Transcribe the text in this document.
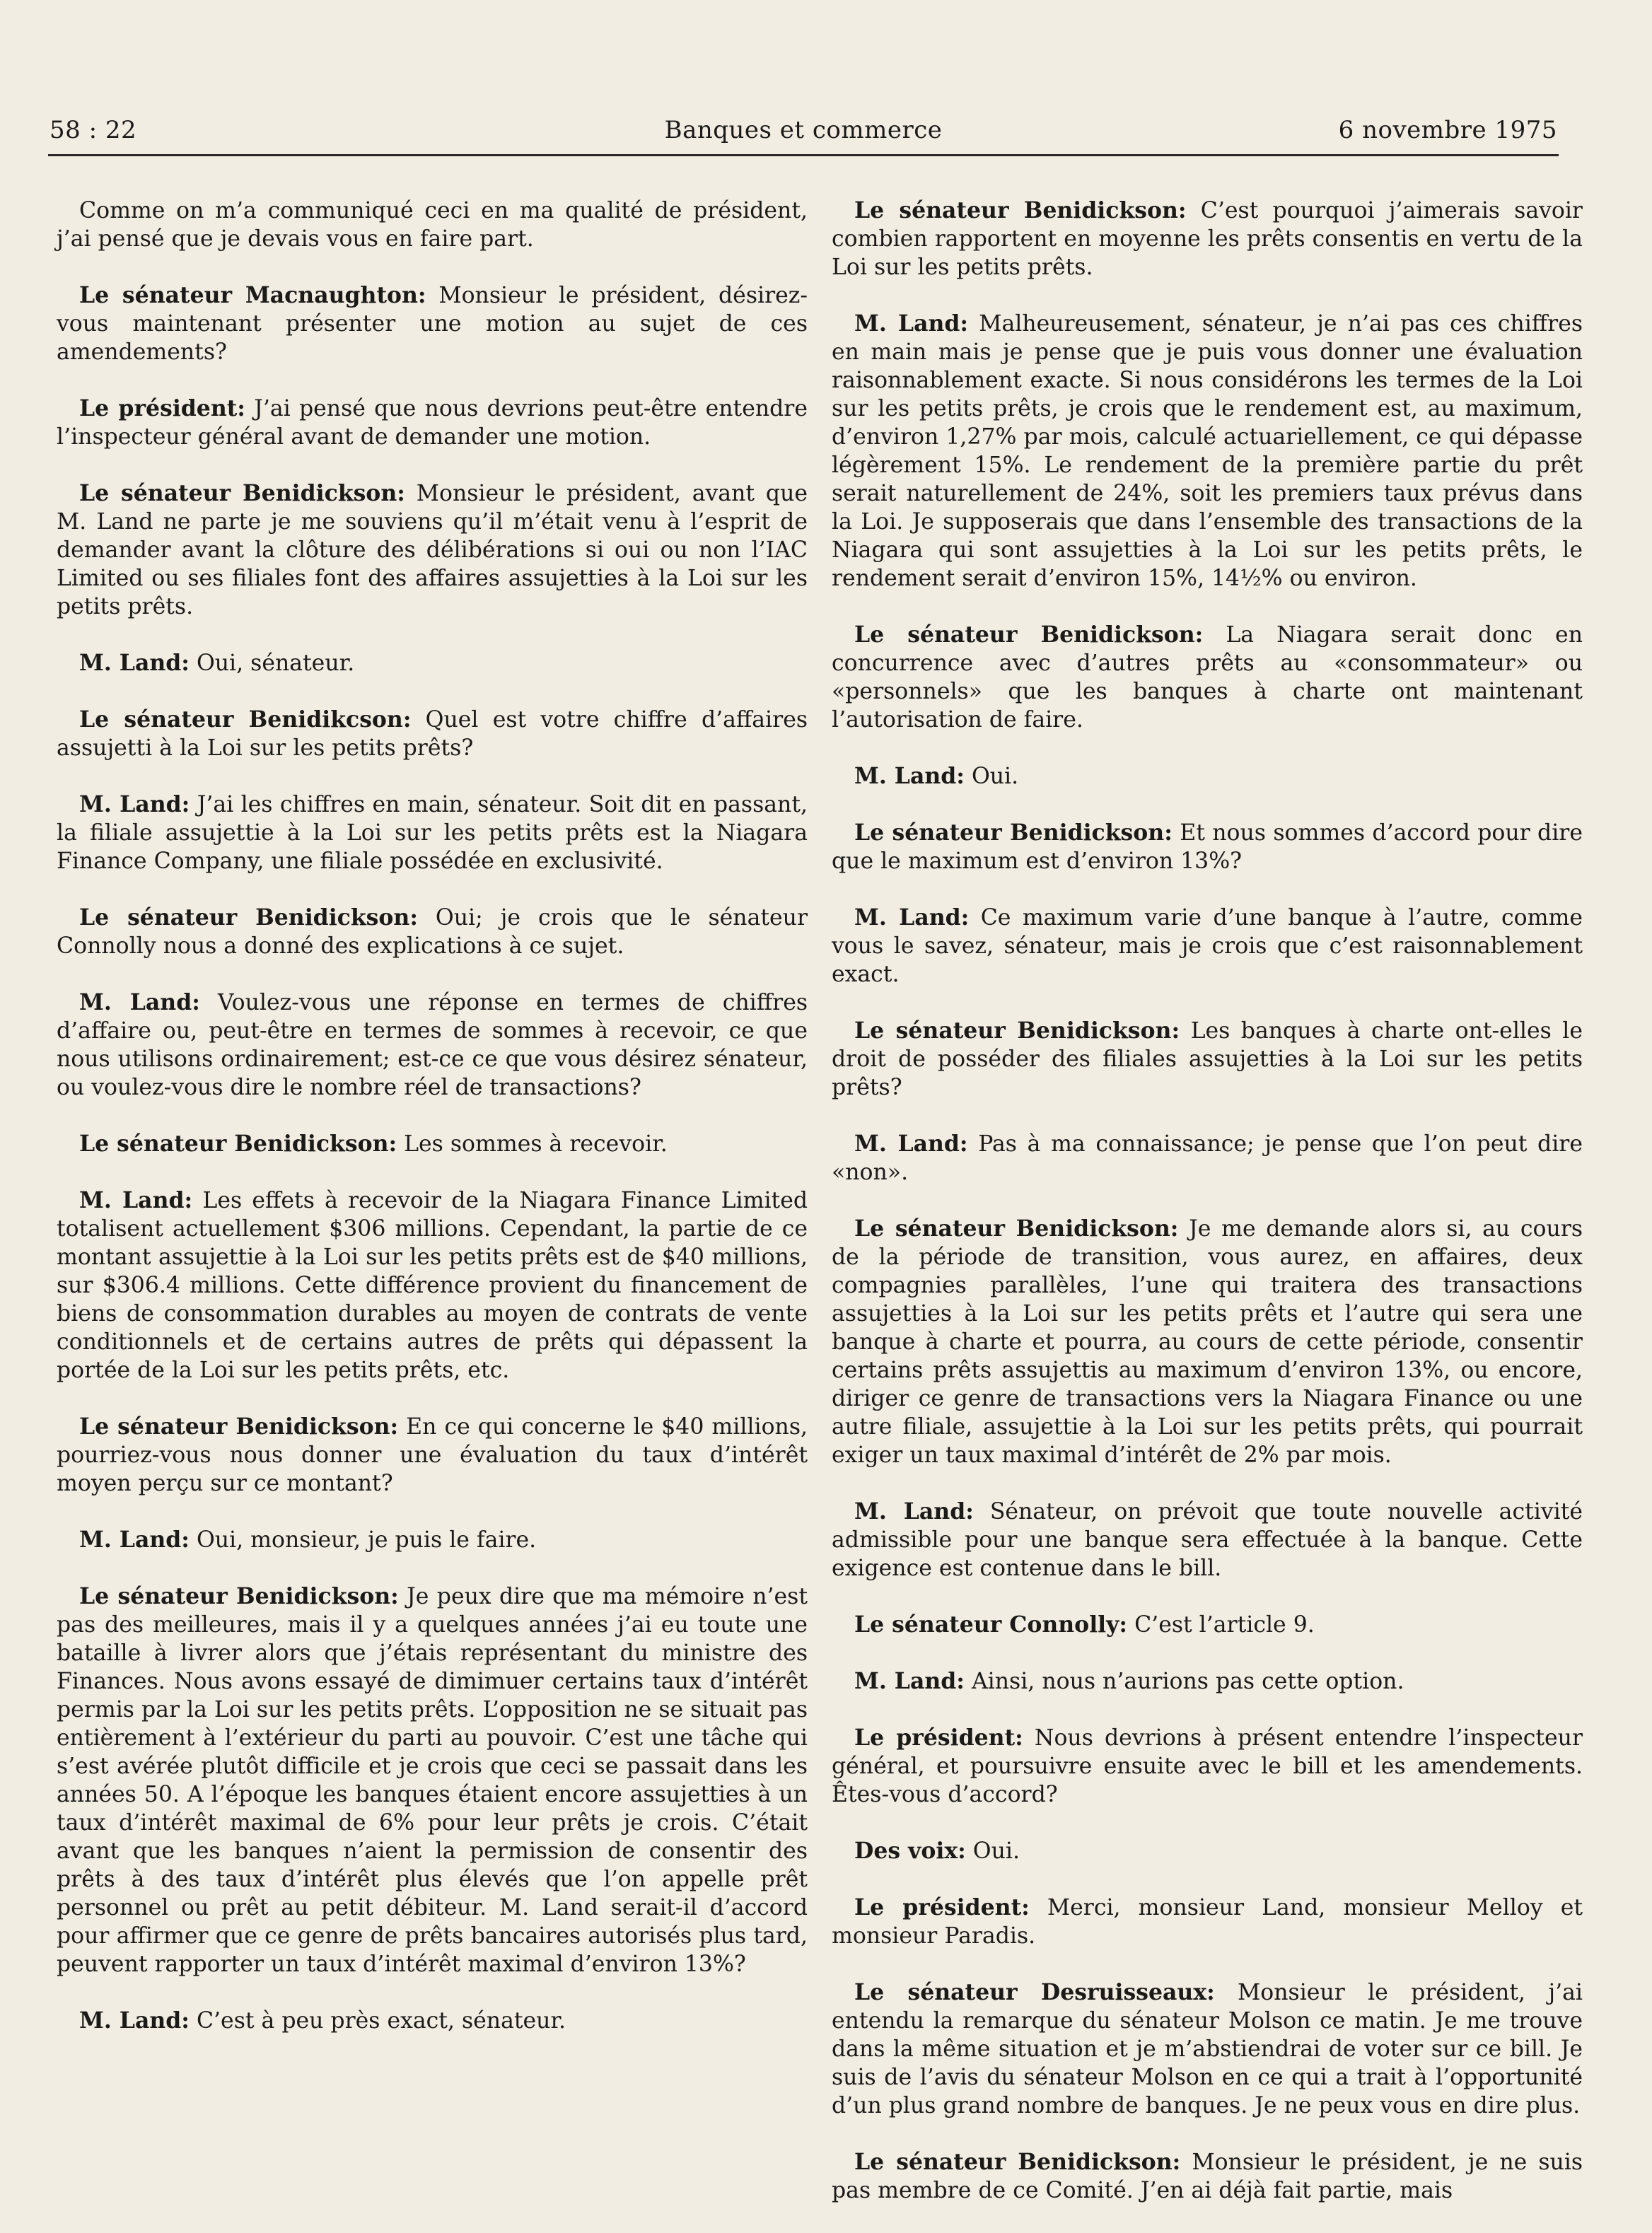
58 : 22	Banques et commerce	6 novembre 1975

Comme on m’a communiqué ceci en ma qualité de président, j’ai pensé que je devais vous en faire part.

Le sénateur Macnaughton: Monsieur le président, désirez-vous maintenant présenter une motion au sujet de ces amendements?

Le président: J’ai pensé que nous devrions peut-être entendre l’inspecteur général avant de demander une motion.

Le sénateur Benidickson: Monsieur le président, avant que M. Land ne parte je me souviens qu’il m’était venu à l’esprit de demander avant la clôture des délibérations si oui ou non l’IAC Limited ou ses filiales font des affaires assujetties à la Loi sur les petits prêts.

M. Land: Oui, sénateur.

Le sénateur Benidikcson: Quel est votre chiffre d’affaires assujetti à la Loi sur les petits prêts?

M. Land: J’ai les chiffres en main, sénateur. Soit dit en passant, la filiale assujettie à la Loi sur les petits prêts est la Niagara Finance Company, une filiale possédée en exclusivité.

Le sénateur Benidickson: Oui; je crois que le sénateur Connolly nous a donné des explications à ce sujet.

M. Land: Voulez-vous une réponse en termes de chiffres d’affaire ou, peut-être en termes de sommes à recevoir, ce que nous utilisons ordinairement; est-ce ce que vous désirez sénateur, ou voulez-vous dire le nombre réel de transactions?

Le sénateur Benidickson: Les sommes à recevoir.

M. Land: Les effets à recevoir de la Niagara Finance Limited totalisent actuellement $306 millions. Cependant, la partie de ce montant assujettie à la Loi sur les petits prêts est de $40 millions, sur $306.4 millions. Cette différence provient du financement de biens de consommation durables au moyen de contrats de vente conditionnels et de certains autres de prêts qui dépassent la portée de la Loi sur les petits prêts, etc.

Le sénateur Benidickson: En ce qui concerne le $40 millions, pourriez-vous nous donner une évaluation du taux d’intérêt moyen perçu sur ce montant?

M. Land: Oui, monsieur, je puis le faire.

Le sénateur Benidickson: Je peux dire que ma mémoire n’est pas des meilleures, mais il y a quelques années j’ai eu toute une bataille à livrer alors que j’étais représentant du ministre des Finances. Nous avons essayé de dimimuer certains taux d’intérêt permis par la Loi sur les petits prêts. L’opposition ne se situait pas entièrement à l’extérieur du parti au pouvoir. C’est une tâche qui s’est avérée plutôt difficile et je crois que ceci se passait dans les années 50. A l’époque les banques étaient encore assujetties à un taux d’intérêt maximal de 6% pour leur prêts je crois. C’était avant que les banques n’aient la permission de consentir des prêts à des taux d’intérêt plus élevés que l’on appelle prêt personnel ou prêt au petit débiteur. M. Land serait-il d’accord pour affirmer que ce genre de prêts bancaires autorisés plus tard, peuvent rapporter un taux d’intérêt maximal d’environ 13%?

M. Land: C’est à peu près exact, sénateur.

Le sénateur Benidickson: C’est pourquoi j’aimerais savoir combien rapportent en moyenne les prêts consentis en vertu de la Loi sur les petits prêts.

M. Land: Malheureusement, sénateur, je n’ai pas ces chiffres en main mais je pense que je puis vous donner une évaluation raisonnablement exacte. Si nous considérons les termes de la Loi sur les petits prêts, je crois que le rendement est, au maximum, d’environ 1,27% par mois, calculé actuariellement, ce qui dépasse légèrement 15%. Le rendement de la première partie du prêt serait naturellement de 24%, soit les premiers taux prévus dans la Loi. Je supposerais que dans l’ensemble des transactions de la Niagara qui sont assujetties à la Loi sur les petits prêts, le rendement serait d’environ 15%, 14½% ou environ.

Le sénateur Benidickson: La Niagara serait donc en concurrence avec d’autres prêts au «consommateur» ou «personnels» que les banques à charte ont maintenant l’autorisation de faire.

M. Land: Oui.

Le sénateur Benidickson: Et nous sommes d’accord pour dire que le maximum est d’environ 13%?

M. Land: Ce maximum varie d’une banque à l’autre, comme vous le savez, sénateur, mais je crois que c’est raisonnablement exact.

Le sénateur Benidickson: Les banques à charte ont-elles le droit de posséder des filiales assujetties à la Loi sur les petits prêts?

M. Land: Pas à ma connaissance; je pense que l’on peut dire «non».

Le sénateur Benidickson: Je me demande alors si, au cours de la période de transition, vous aurez, en affaires, deux compagnies parallèles, l’une qui traitera des transactions assujetties à la Loi sur les petits prêts et l’autre qui sera une banque à charte et pourra, au cours de cette période, consentir certains prêts assujettis au maximum d’environ 13%, ou encore, diriger ce genre de transactions vers la Niagara Finance ou une autre filiale, assujettie à la Loi sur les petits prêts, qui pourrait exiger un taux maximal d’intérêt de 2% par mois.

M. Land: Sénateur, on prévoit que toute nouvelle activité admissible pour une banque sera effectuée à la banque. Cette exigence est contenue dans le bill.

Le sénateur Connolly: C’est l’article 9.

M. Land: Ainsi, nous n’aurions pas cette option.

Le président: Nous devrions à présent entendre l’inspecteur général, et poursuivre ensuite avec le bill et les amendements. Êtes-vous d’accord?

Des voix: Oui.

Le président: Merci, monsieur Land, monsieur Melloy et monsieur Paradis.

Le sénateur Desruisseaux: Monsieur le président, j’ai entendu la remarque du sénateur Molson ce matin. Je me trouve dans la même situation et je m’abstiendrai de voter sur ce bill. Je suis de l’avis du sénateur Molson en ce qui a trait à l’opportunité d’un plus grand nombre de banques. Je ne peux vous en dire plus.

Le sénateur Benidickson: Monsieur le président, je ne suis pas membre de ce Comité. J’en ai déjà fait partie, mais
